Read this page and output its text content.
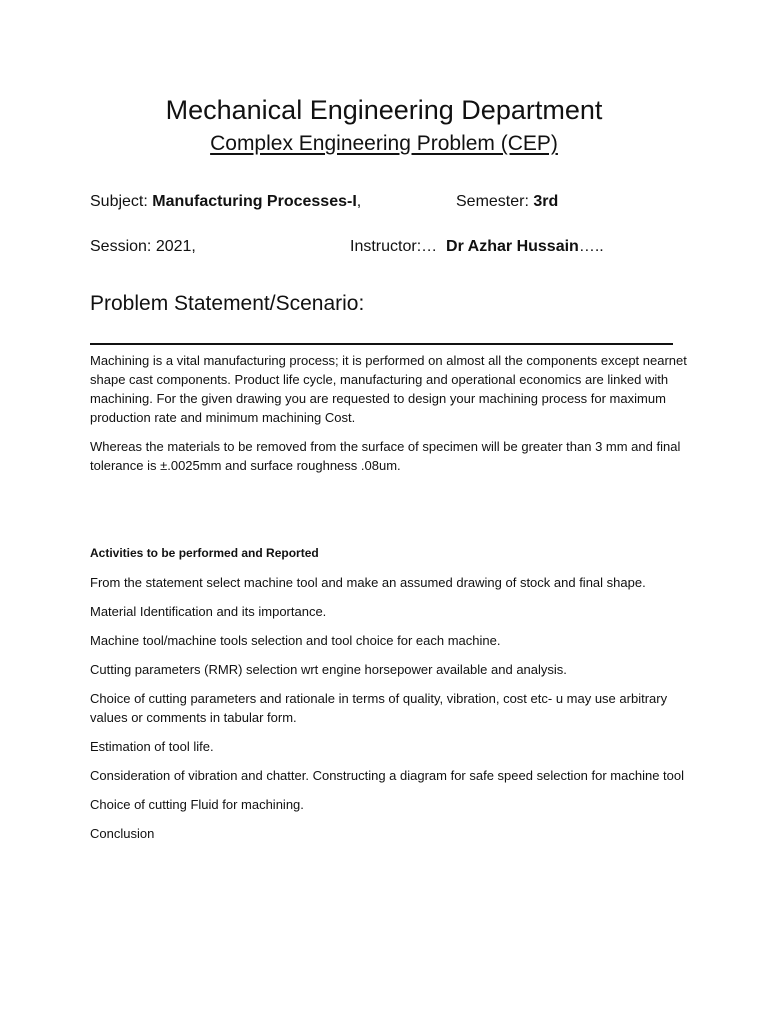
Mechanical Engineering Department
Complex Engineering Problem (CEP)
Subject: Manufacturing Processes-I,	Semester: 3rd
Session: 2021,	Instructor:… Dr Azhar Hussain…..
Problem Statement/Scenario:

Machining is a vital manufacturing process; it is performed on almost all the components except nearnet

shape cast components. Product life cycle, manufacturing and operational economics are linked with

machining. For the given drawing you are requested to design your machining process for maximum

production rate and minimum machining Cost.

Whereas the materials to be removed from the surface of specimen will be greater than 3 mm and final

tolerance is ±.0025mm and surface roughness .08um.

Activities to be performed and Reported

From the statement select machine tool and make an assumed drawing of stock and final shape.

Material Identification and its importance.

Machine tool/machine tools selection and tool choice for each machine.

Cutting parameters (RMR) selection wrt engine horsepower available and analysis.

Choice of cutting parameters and rationale in terms of quality, vibration, cost etc- u may use arbitrary

values or comments in tabular form.

Estimation of tool life.

Consideration of vibration and chatter. Constructing a diagram for safe speed selection for machine tool

Choice of cutting Fluid for machining.

Conclusion
